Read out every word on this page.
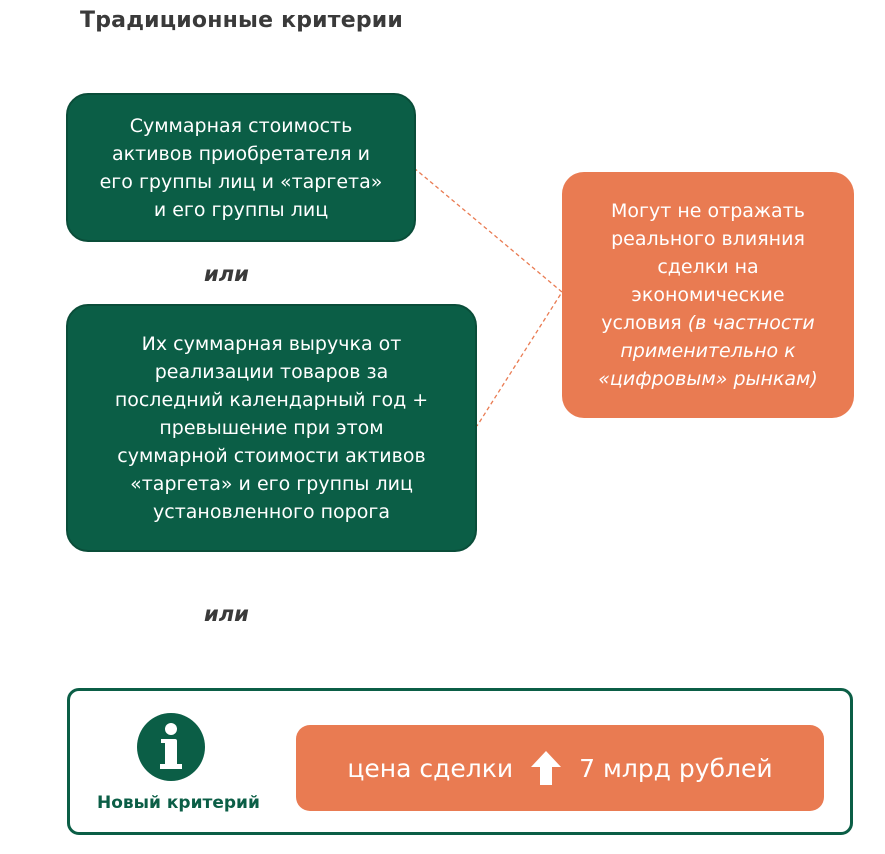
Традиционные критерии
Суммарная стоимость
активов приобретателя и
его группы лиц и «таргета»
и его группы лиц
или
Их суммарная выручка от
реализации товаров за
последний календарный год +
превышение при этом
суммарной стоимости активов
«таргета» и его группы лиц
установленного порога
Могут не отражать
реального влияния
сделки на
экономические
условия (в частности
применительно к
«цифровым» рынкам)
или
Новый критерий
цена сделки	7 млрд рублей
